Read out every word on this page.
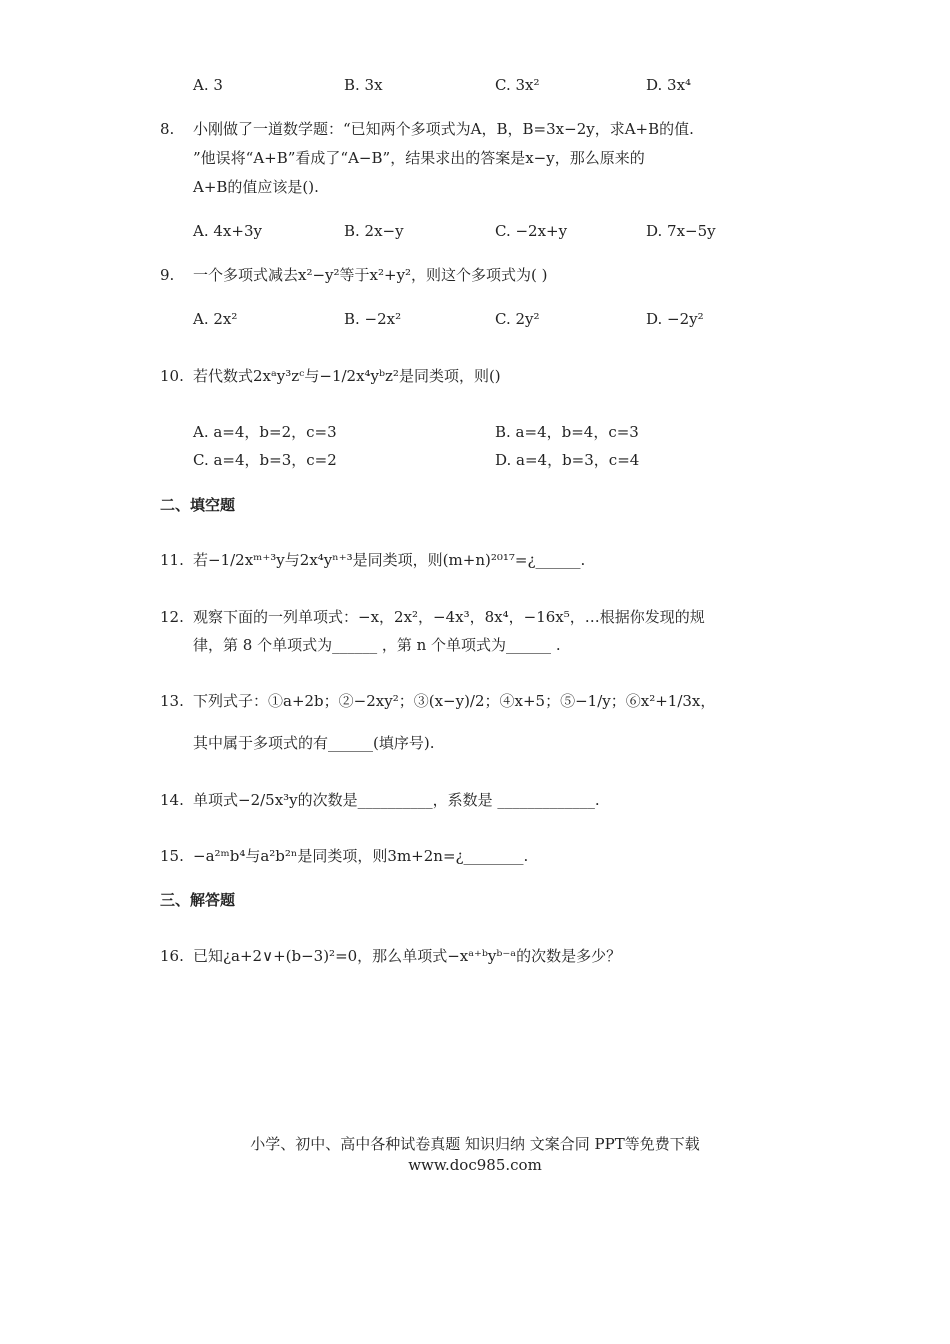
A. 3	B. 3x	C. 3x²	D. 3x⁴
8. 小刚做了一道数学题：“已知两个多项式为A，B，B=3x−2y，求A+B的值.
”他误将“A+B”看成了“A−B”，结果求出的答案是x−y，那么原来的
A+B的值应该是().
A. 4x+3y	B. 2x−y	C. −2x+y	D. 7x−5y
9. 一个多项式减去x²−y²等于x²+y²，则这个多项式为( )
A. 2x²	B. −2x²	C. 2y²	D. −2y²
10. 若代数式2xᵃy³zᶜ与−1/2x⁴yᵇz²是同类项，则()
A. a=4，b=2，c=3	B. a=4，b=4，c=3
C. a=4，b=3，c=2	D. a=4，b=3，c=4
二、填空题
11. 若−1/2xᵐ⁺³y与2x⁴yⁿ⁺³是同类项，则(m+n)²⁰¹⁷=¿______.
12. 观察下面的一列单项式：−x，2x²，−4x³，8x⁴，−16x⁵，…根据你发现的规
律，第 8 个单项式为______ ，第 n 个单项式为______ .
13. 下列式子：①a+2b；②−2xy²；③(x−y)/2；④x+5；⑤−1/y；⑥x²+1/3x，
其中属于多项式的有______(填序号).
14. 单项式−2/5x³y的次数是__________，系数是 _____________.
15. −a²ᵐb⁴与a²b²ⁿ是同类项，则3m+2n=¿________.
三、解答题
16. 已知¿a+2∨+(b−3)²=0，那么单项式−xᵃ⁺ᵇyᵇ⁻ᵃ的次数是多少？
小学、初中、高中各种试卷真题 知识归纳 文案合同 PPT等免费下载
www.doc985.com
